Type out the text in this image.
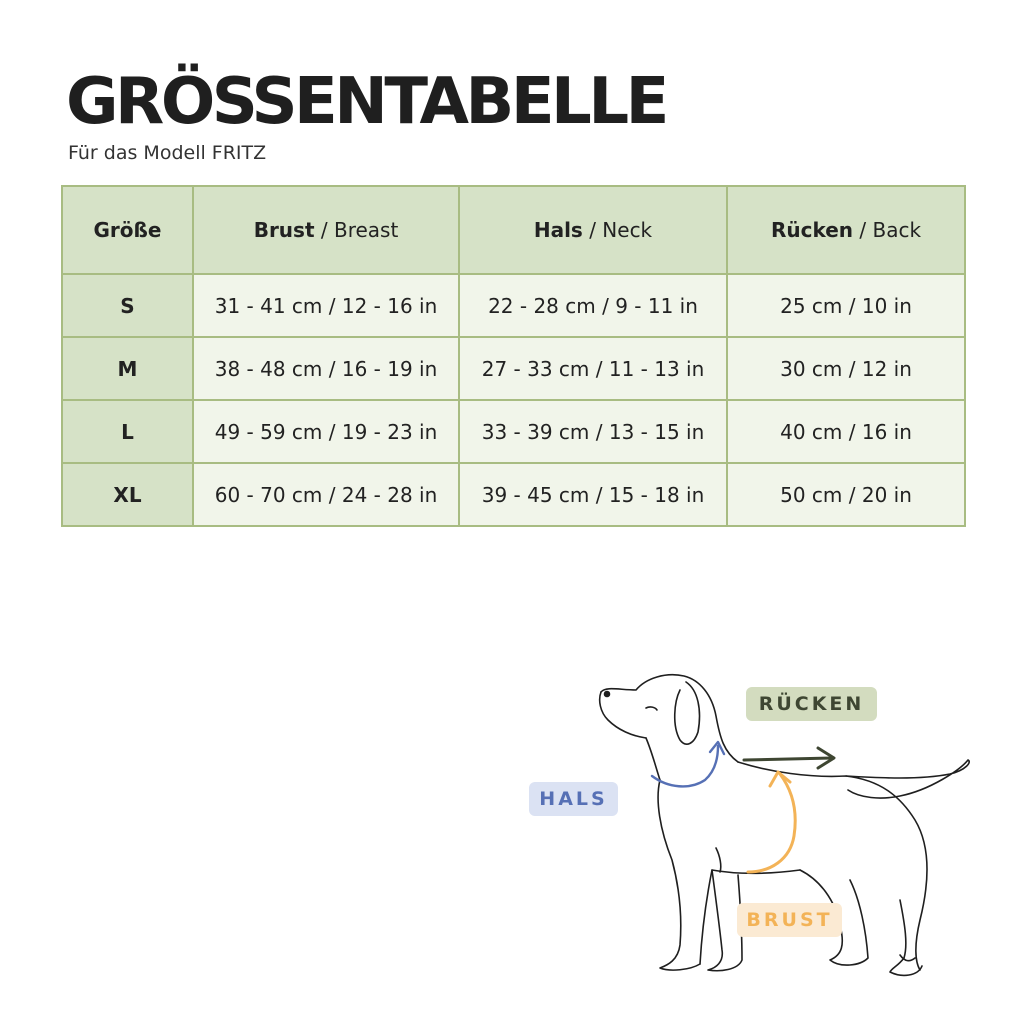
GRÖSSENTABELLE
Für das Modell FRITZ
Größe	Brust / Breast	Hals / Neck	Rücken / Back
S	31 - 41 cm / 12 - 16 in	22 - 28 cm / 9 - 11 in	25 cm / 10 in
M	38 - 48 cm / 16 - 19 in	27 - 33 cm / 11 - 13 in	30 cm / 12 in
L	49 - 59 cm / 19 - 23 in	33 - 39 cm / 13 - 15 in	40 cm / 16 in
XL	60 - 70 cm / 24 - 28 in	39 - 45 cm / 15 - 18 in	50 cm / 20 in
RÜCKEN
HALS
BRUST
